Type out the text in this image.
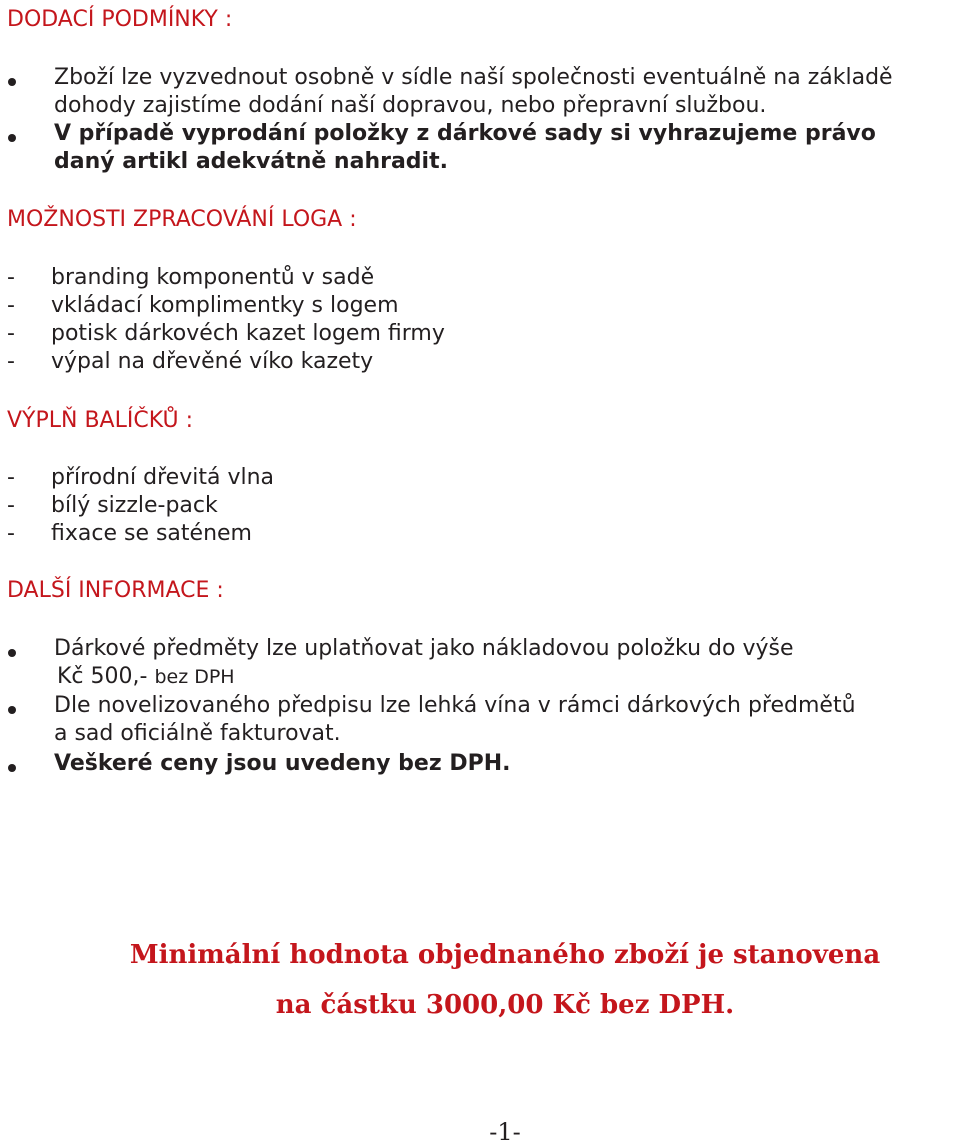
DODACÍ PODMÍNKY :
Zboží lze vyzvednout osobně v sídle naší společnosti eventuálně na základě
dohody zajistíme dodání naší dopravou, nebo přepravní službou.
V případě vyprodání položky z dárkové sady si vyhrazujeme právo
daný artikl adekvátně nahradit.
MOŽNOSTI ZPRACOVÁNÍ LOGA :
- branding komponentů v sadě
- vkládací komplimentky s logem
- potisk dárkovéch kazet logem firmy
- výpal na dřevěné víko kazety
VÝPLŇ BALÍČKŮ :
- přírodní dřevitá vlna
- bílý sizzle-pack
- fixace se saténem
DALŠÍ INFORMACE :
Dárkové předměty lze uplatňovat jako nákladovou položku do výše
Kč 500,- bez DPH
Dle novelizovaného předpisu lze lehká vína v rámci dárkových předmětů
a sad oficiálně fakturovat.
Veškeré ceny jsou uvedeny bez DPH.
Minimální hodnota objednaného zboží je stanovena
na částku 3000,00 Kč bez DPH.
-1-
